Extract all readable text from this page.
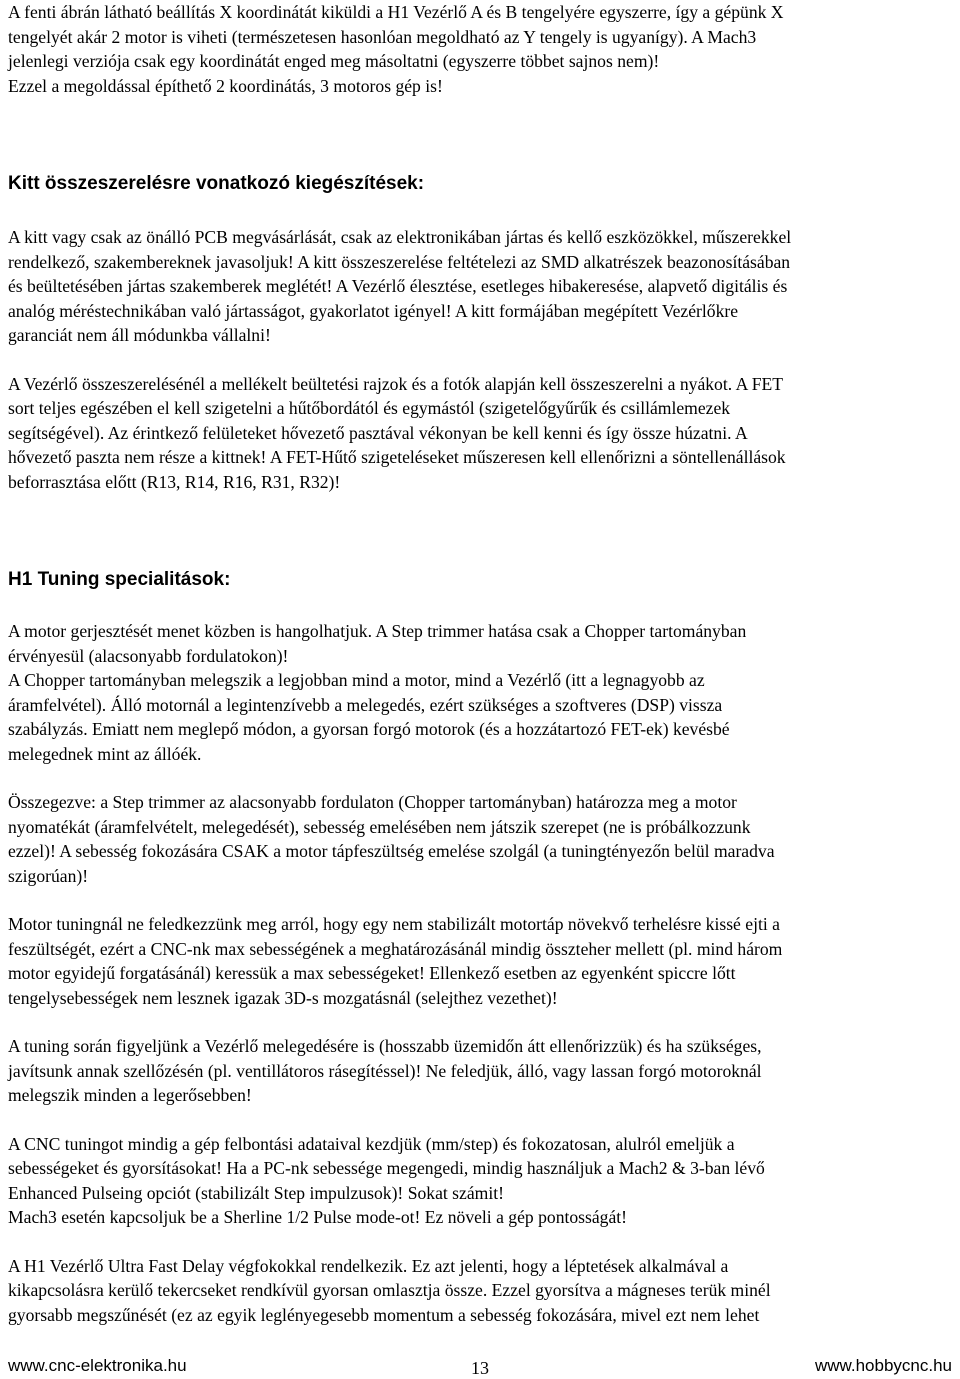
A fenti ábrán látható beállítás X koordinátát kiküldi a H1 Vezérlő A és B tengelyére egyszerre, így a gépünk X
tengelyét akár 2 motor is viheti (természetesen hasonlóan megoldható az Y tengely is ugyanígy). A Mach3
jelenlegi verziója csak egy koordinátát enged meg másoltatni (egyszerre többet sajnos nem)!
Ezzel a megoldással építhető 2 koordinátás, 3 motoros gép is!

Kitt összeszerelésre vonatkozó kiegészítések:

A kitt vagy csak az önálló PCB megvásárlását, csak az elektronikában jártas és kellő eszközökkel, műszerekkel
rendelkező, szakembereknek javasoljuk! A kitt összeszerelése feltételezi az SMD alkatrészek beazonosításában
és beültetésében jártas szakemberek meglétét! A Vezérlő élesztése, esetleges hibakeresése, alapvető digitális és
analóg méréstechnikában való jártasságot, gyakorlatot igényel! A kitt formájában megépített Vezérlőkre
garanciát nem áll módunkba vállalni!

A Vezérlő összeszerelésénél a mellékelt beültetési rajzok és a fotók alapján kell összeszerelni a nyákot. A FET
sort teljes egészében el kell szigetelni a hűtőbordától és egymástól (szigetelőgyűrűk és csillámlemezek
segítségével). Az érintkező felületeket hővezető pasztával vékonyan be kell kenni és így össze húzatni. A
hővezető paszta nem része a kittnek! A FET-Hűtő szigeteléseket műszeresen kell ellenőrizni a söntellenállások
beforrasztása előtt (R13, R14, R16, R31, R32)!

H1 Tuning specialitások:

A motor gerjesztését menet közben is hangolhatjuk. A Step trimmer hatása csak a Chopper tartományban
érvényesül (alacsonyabb fordulatokon)!
A Chopper tartományban melegszik a legjobban mind a motor, mind a Vezérlő (itt a legnagyobb az
áramfelvétel). Álló motornál a legintenzívebb a melegedés, ezért szükséges a szoftveres (DSP) vissza
szabályzás. Emiatt nem meglepő módon, a gyorsan forgó motorok (és a hozzátartozó FET-ek) kevésbé
melegednek mint az állóék.

Összegezve: a Step trimmer az alacsonyabb fordulaton (Chopper tartományban) határozza meg a motor
nyomatékát (áramfelvételt, melegedését), sebesség emelésében nem játszik szerepet (ne is próbálkozzunk
ezzel)! A sebesség fokozására CSAK a motor tápfeszültség emelése szolgál (a tuningtényezőn belül maradva
szigorúan)!

Motor tuningnál ne feledkezzünk meg arról, hogy egy nem stabilizált motortáp növekvő terhelésre kissé ejti a
feszültségét, ezért a CNC-nk max sebességének a meghatározásánál mindig összteher mellett (pl. mind három
motor egyidejű forgatásánál) keressük a max sebességeket! Ellenkező esetben az egyenként spiccre lőtt
tengelysebességek nem lesznek igazak 3D-s mozgatásnál (selejthez vezethet)!

A tuning során figyeljünk a Vezérlő melegedésére is (hosszabb üzemidőn átt ellenőrizzük) és ha szükséges,
javítsunk annak szellőzésén (pl. ventillátoros rásegítéssel)! Ne feledjük, álló, vagy lassan forgó motoroknál
melegszik minden a legerősebben!

A CNC tuningot mindig a gép felbontási adataival kezdjük (mm/step) és fokozatosan, alulról emeljük a
sebességeket és gyorsításokat! Ha a PC-nk sebessége megengedi, mindig használjuk a Mach2 & 3-ban lévő
Enhanced Pulseing opciót (stabilizált Step impulzusok)! Sokat számit!
Mach3 esetén kapcsoljuk be a Sherline 1/2 Pulse mode-ot! Ez növeli a gép pontosságát!

A H1 Vezérlő Ultra Fast Delay végfokokkal rendelkezik. Ez azt jelenti, hogy a léptetések alkalmával a
kikapcsolásra kerülő tekercseket rendkívül gyorsan omlasztja össze. Ezzel gyorsítva a mágneses terük minél
gyorsabb megszűnését (ez az egyik leglényegesebb momentum a sebesség fokozására, mivel ezt nem lehet

www.cnc-elektronika.hu	13	www.hobbycnc.hu
